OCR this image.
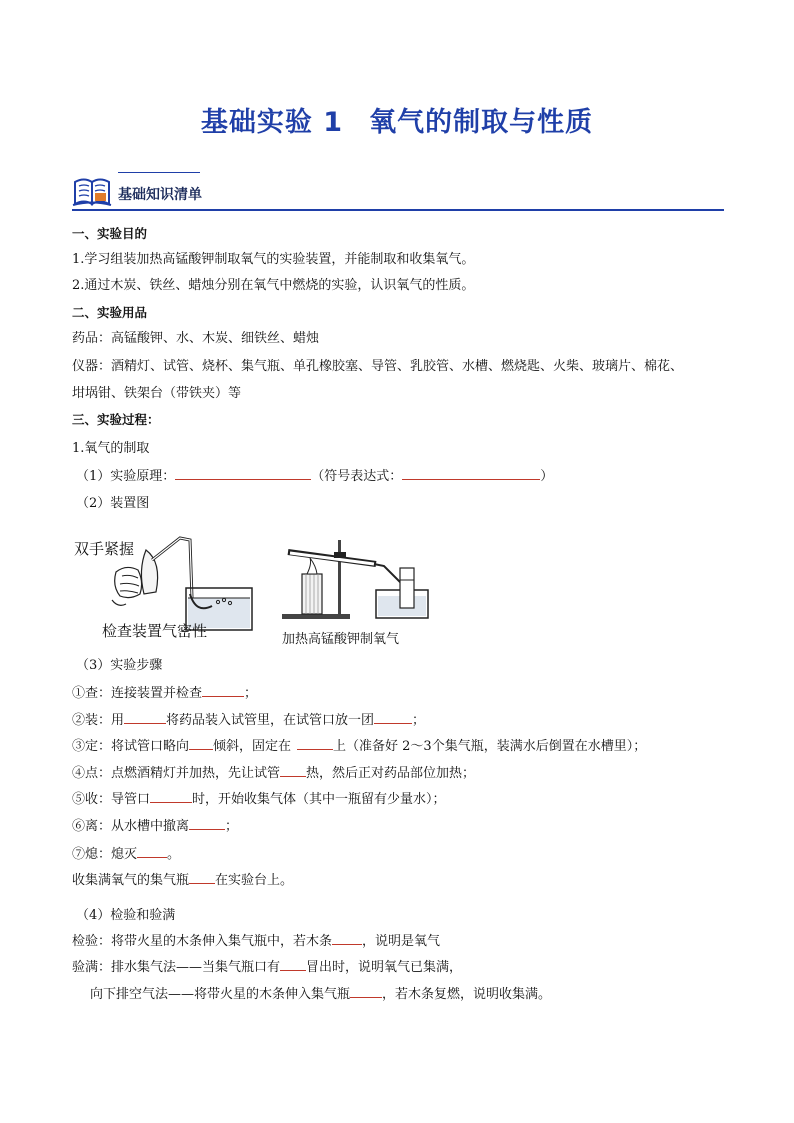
基础实验 1 氧气的制取与性质
基础知识清单
一、实验目的
1.学习组装加热高锰酸钾制取氧气的实验装置，并能制取和收集氧气。
2.通过木炭、铁丝、蜡烛分别在氧气中燃烧的实验，认识氧气的性质。
二、实验用品
药品：高锰酸钾、水、木炭、细铁丝、蜡烛
仪器：酒精灯、试管、烧杯、集气瓶、单孔橡胶塞、导管、乳胶管、水槽、燃烧匙、火柴、玻璃片、棉花、
坩埚钳、铁架台（带铁夹）等
三、实验过程：
1.氧气的制取
（1）实验原理：	（符号表达式：	）
（2）装置图
双手紧握
检查装置气密性	加热高锰酸钾制氧气
（3）实验步骤
①查：连接装置并检查	；
②装：用	将药品装入试管里，在试管口放一团	；
③定：将试管口略向 倾斜，固定在	上（准备好 2～3个集气瓶，装满水后倒置在水槽里）；
④点：点燃酒精灯并加热，先让试管 热，然后正对药品部位加热；
⑤收：导管口	时，开始收集气体（其中一瓶留有少量水）；
⑥离：从水槽中撤离	；
⑦熄：熄灭 。
收集满氧气的集气瓶 在实验台上。
（4）检验和验满
检验：将带火星的木条伸入集气瓶中，若木条 ，说明是氧气
验满：排水集气法——当集气瓶口有 冒出时，说明氧气已集满，
向下排空气法——将带火星的木条伸入集气瓶 ，若木条复燃，说明收集满。
